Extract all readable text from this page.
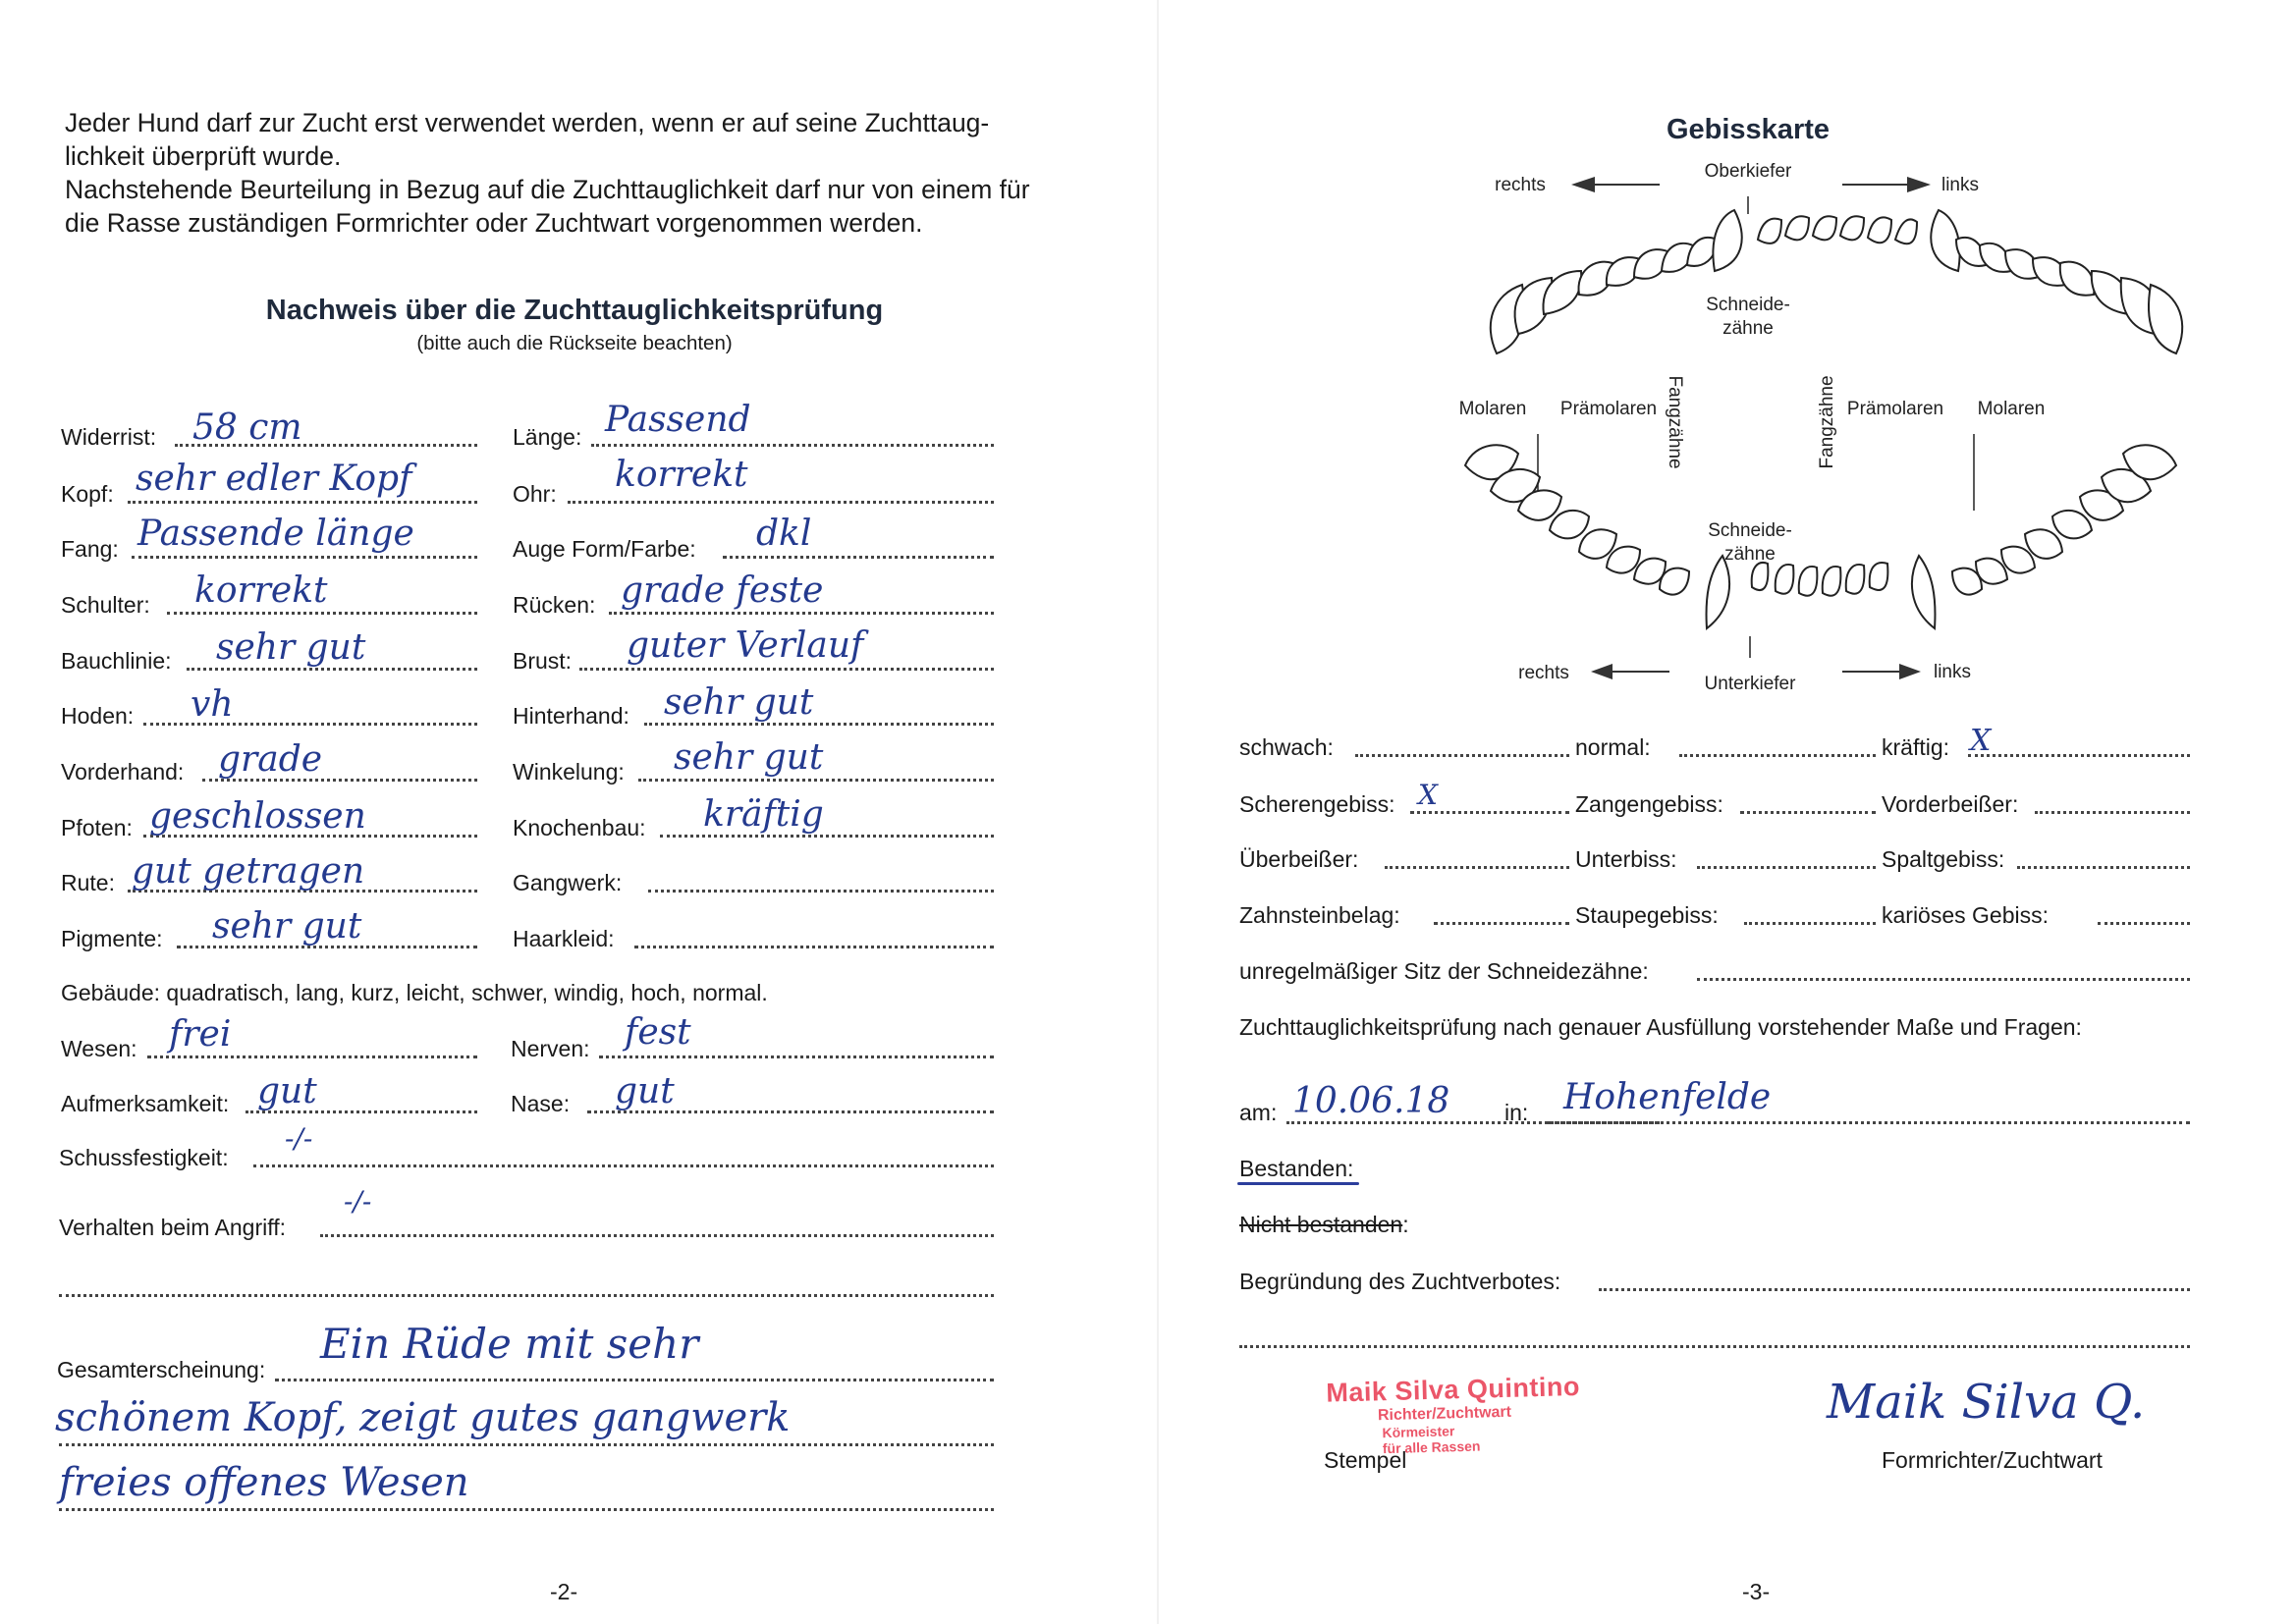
Jeder Hund darf zur Zucht erst verwendet werden, wenn er auf seine Zuchttaug-
lichkeit überprüft wurde.
Nachstehende Beurteilung in Bezug auf die Zuchttauglichkeit darf nur von einem für
die Rasse zuständigen Formrichter oder Zuchtwart vorgenommen werden.
Nachweis über die Zuchttauglichkeitsprüfung
(bitte auch die Rückseite beachten)
Widerrist: 58 cm	Länge: Passend
Kopf: sehr edler Kopf	Ohr: korrekt
Fang: Passende länge	Auge Form/Farbe: dkl
Schulter: korrekt	Rücken: grade feste
Bauchlinie: sehr gut	Brust: guter Verlauf
Hoden: vh	Hinterhand: sehr gut
Vorderhand: grade	Winkelung: sehr gut
Pfoten: geschlossen	Knochenbau: kräftig
Rute: gut getragen	Gangwerk:
Pigmente: sehr gut	Haarkleid:
Gebäude: quadratisch, lang, kurz, leicht, schwer, windig, hoch, normal.
Wesen: frei	Nerven: fest
Aufmerksamkeit: gut	Nase: gut
Schussfestigkeit:
-/-
Verhalten beim Angriff:
-/-
Gesamterscheinung:
Ein Rüde mit sehr
schönem Kopf, zeigt gutes gangwerk
freies offenes Wesen
-2-
Gebisskarte
rechts
Oberkiefer
links
Schneide-
zähne
Molaren Prämolaren	Prämolaren Molaren
Fangzähne	Fangzähne
Schneide-
zähne
rechts
Unterkiefer
links
schwach:	normal:	kräftig: X
Scherengebiss: X	Zangengebiss:	Vorderbeißer:
Überbeißer:	Unterbiss:	Spaltgebiss:
Zahnsteinbelag:	Staupegebiss:	kariöses Gebiss:
unregelmäßiger Sitz der Schneidezähne:
Zuchttauglichkeitsprüfung nach genauer Ausfüllung vorstehender Maße und Fragen:
am: 10.06.18 in: Hohenfelde
Bestanden:
Nicht bestanden:
Begründung des Zuchtverbotes:
Stempel
Maik Silva Q.
Formrichter/Zuchtwart
-3-
Maik Silva Quintino
Richter/Zuchtwart
Körmeister
für alle Rassen
